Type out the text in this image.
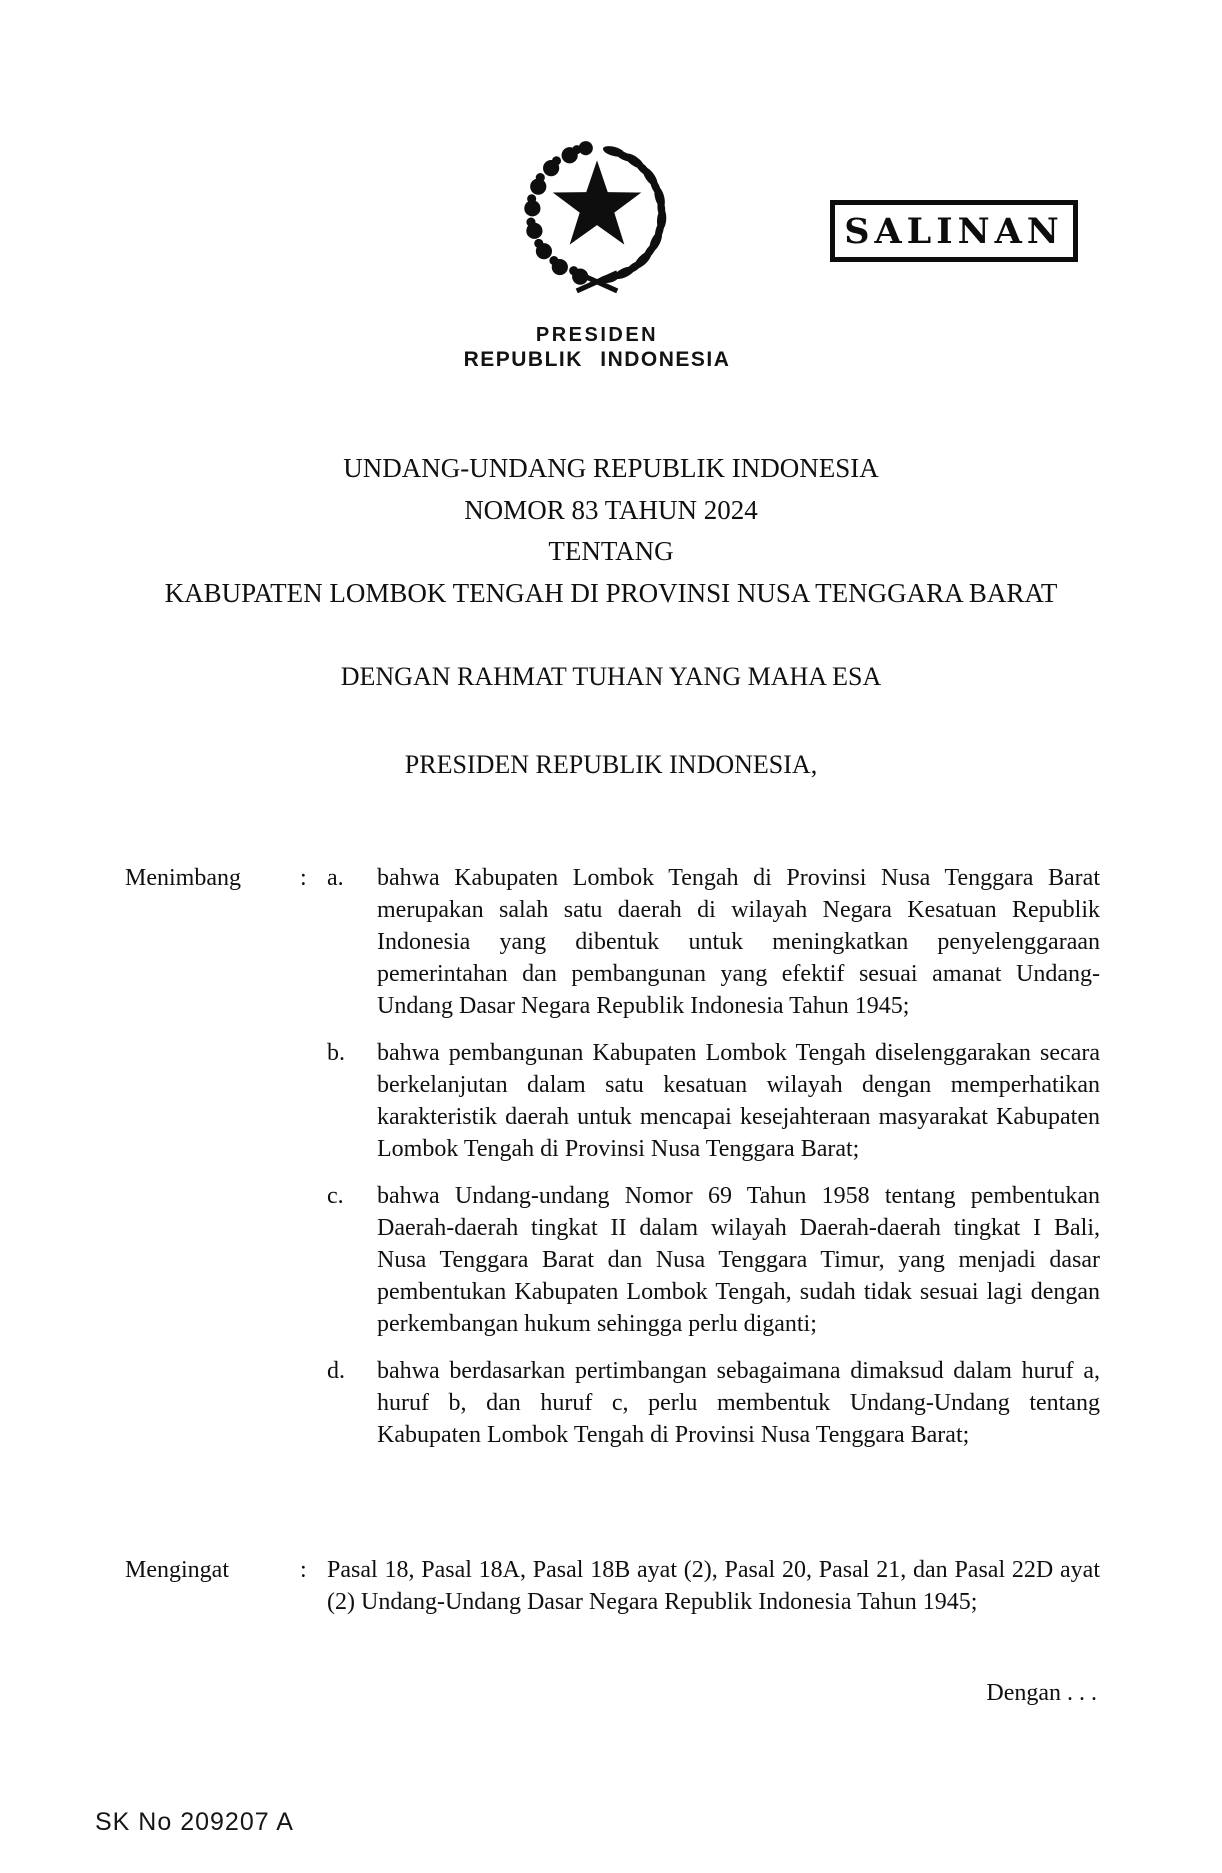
SALINAN
PRESIDEN
REPUBLIK INDONESIA
UNDANG-UNDANG REPUBLIK INDONESIA
NOMOR 83 TAHUN 2024
TENTANG
KABUPATEN LOMBOK TENGAH DI PROVINSI NUSA TENGGARA BARAT
DENGAN RAHMAT TUHAN YANG MAHA ESA
PRESIDEN REPUBLIK INDONESIA,
Menimbang	: a.	bahwa Kabupaten Lombok Tengah di Provinsi Nusa Tenggara Barat merupakan salah satu daerah di wilayah Negara Kesatuan Republik Indonesia yang dibentuk untuk meningkatkan penyelenggaraan pemerintahan dan pembangunan yang efektif sesuai amanat Undang-Undang Dasar Negara Republik Indonesia Tahun 1945;
b.	bahwa pembangunan Kabupaten Lombok Tengah diselenggarakan secara berkelanjutan dalam satu kesatuan wilayah dengan memperhatikan karakteristik daerah untuk mencapai kesejahteraan masyarakat Kabupaten Lombok Tengah di Provinsi Nusa Tenggara Barat;
c.	bahwa Undang-undang Nomor 69 Tahun 1958 tentang pembentukan Daerah-daerah tingkat II dalam wilayah Daerah-daerah tingkat I Bali, Nusa Tenggara Barat dan Nusa Tenggara Timur, yang menjadi dasar pembentukan Kabupaten Lombok Tengah, sudah tidak sesuai lagi dengan perkembangan hukum sehingga perlu diganti;
d.	bahwa berdasarkan pertimbangan sebagaimana dimaksud dalam huruf a, huruf b, dan huruf c, perlu membentuk Undang-Undang tentang Kabupaten Lombok Tengah di Provinsi Nusa Tenggara Barat;
Mengingat	: Pasal 18, Pasal 18A, Pasal 18B ayat (2), Pasal 20, Pasal 21, dan Pasal 22D ayat (2) Undang-Undang Dasar Negara Republik Indonesia Tahun 1945;
Dengan . . .
SK No 209207 A
